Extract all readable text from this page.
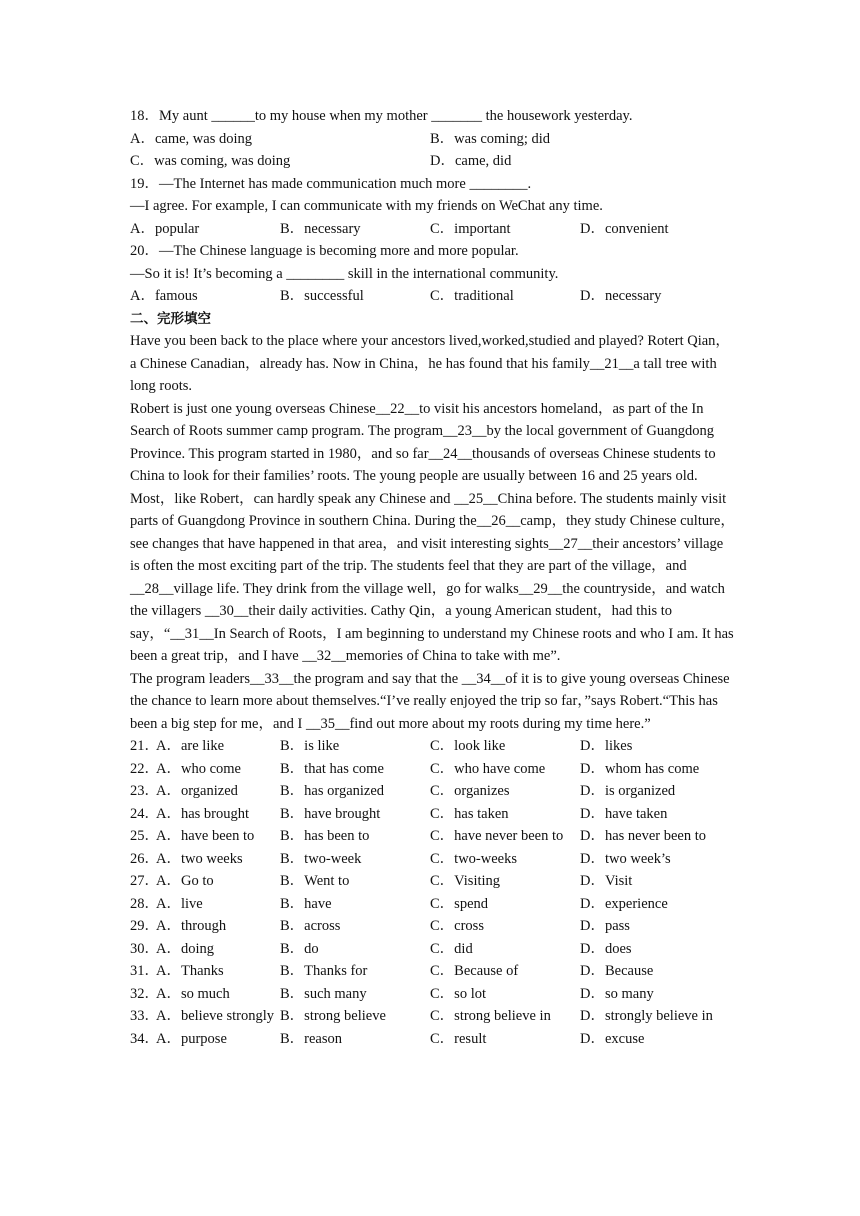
18．My aunt ______to my house when my mother _______ the housework yesterday.
A．came, was doing	B．was coming; did
C．was coming, was doing	D．came, did
19．—The Internet has made communication much more ________.
—I agree. For example, I can communicate with my friends on WeChat any time.
A．popular	B．necessary	C．important	D．convenient
20．—The Chinese language is becoming more and more popular.
—So it is! It’s becoming a ________ skill in the international community.
A．famous	B．successful	C．traditional	D．necessary
二、完形填空
Have you been back to the place where your ancestors lived,worked,studied and played? Rotert Qian，a Chinese Canadian，already has. Now in China，he has found that his family__21__a tall tree with long roots.
Robert is just one young overseas Chinese__22__to visit his ancestors homeland，as part of the In Search of Roots summer camp program. The program__23__by the local government of Guangdong Province. This program started in 1980，and so far__24__thousands of overseas Chinese students to China to look for their families’ roots. The young people are usually between 16 and 25 years old. Most，like Robert，can hardly speak any Chinese and __25__China before. The students mainly visit parts of Guangdong Province in southern China. During the__26__camp，they study Chinese culture，see changes that have happened in that area，and visit interesting sights__27__their ancestors’ village is often the most exciting part of the trip. The students feel that they are part of the village，and __28__village life. They drink from the village well，go for walks__29__the countryside，and watch the villagers __30__their daily activities. Cathy Qin，a young American student，had this to say，“__31__In Search of Roots，I am beginning to understand my Chinese roots and who I am. It has been a great trip，and I have __32__memories of China to take with me”.
The program leaders__33__the program and say that the __34__of it is to give young overseas Chinese the chance to learn more about themselves.“I’ve really enjoyed the trip so far，”says Robert.“This has been a big step for me，and I __35__find out more about my roots during my time here.”
21．
A．are like	B．is like	C．look like	D．likes
22．
A．who come	B．that has come	C．who have come	D．whom has come
23．
A．organized	B．has organized	C．organizes	D．is organized
24．
A．has brought	B．have brought	C．has taken	D．have taken
25．
A．have been to	B．has been to	C．have never been to	D．has never been to
26．
A．two weeks	B．two-week	C．two-weeks	D．two week’s
27．
A．Go to	B．Went to	C．Visiting	D．Visit
28．
A．live	B．have	C．spend	D．experience
29．
A．through	B．across	C．cross	D．pass
30．
A．doing	B．do	C．did	D．does
31．
A．Thanks	B．Thanks for	C．Because of	D．Because
32．
A．so much	B．such many	C．so lot	D．so many
33．
A．believe strongly B．strong believe	C．strong believe in	D．strongly believe in
34．
A．purpose	B．reason	C．result	D．excuse
